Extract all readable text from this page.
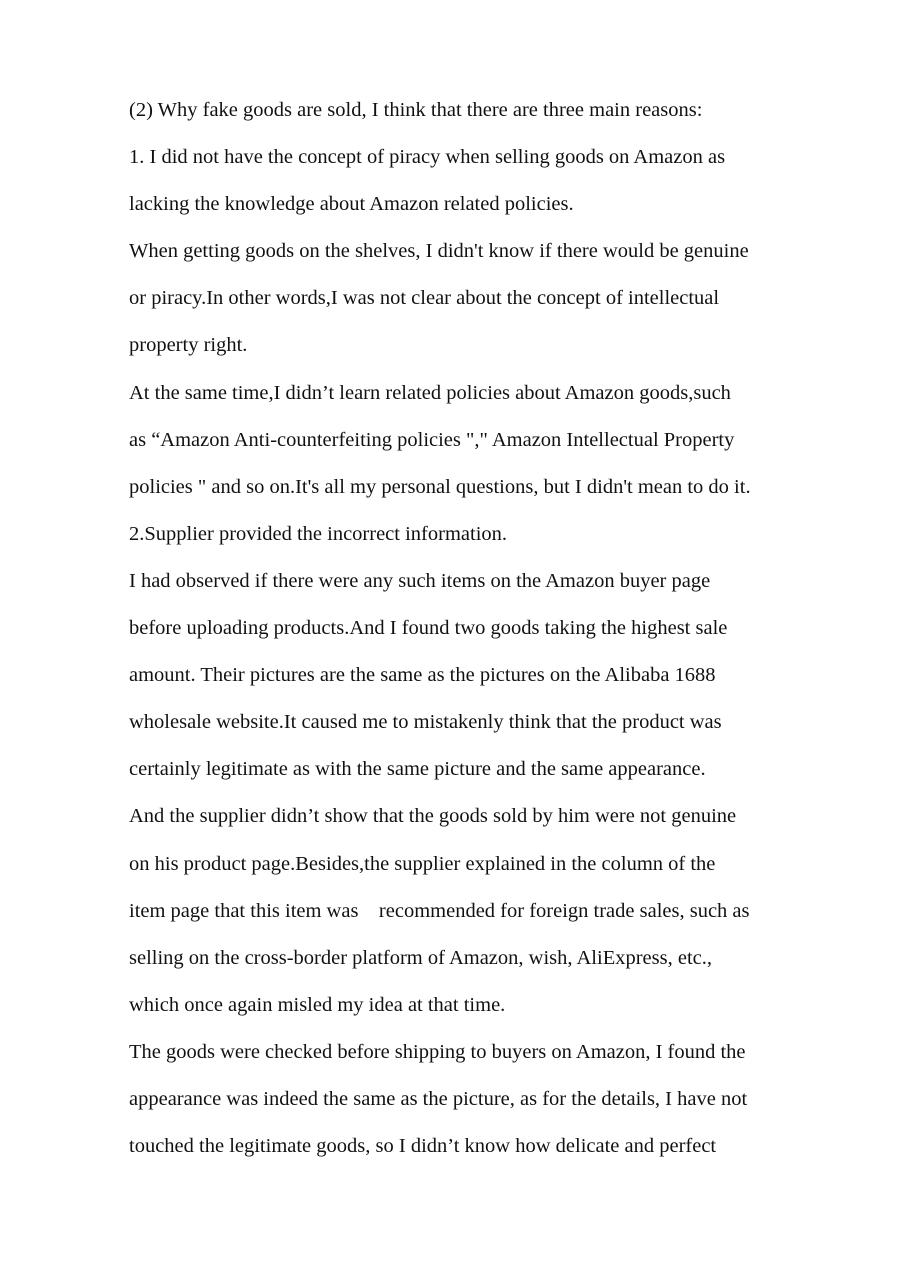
(2) Why fake goods are sold, I think that there are three main reasons:
1. I did not have the concept of piracy when selling goods on Amazon as
lacking the knowledge about Amazon related policies.
When getting goods on the shelves, I didn't know if there would be genuine
or piracy.In other words,I was not clear about the concept of intellectual
property right.
At the same time,I didn’t learn related policies about Amazon goods,such
as “Amazon Anti-counterfeiting policies "," Amazon Intellectual Property
policies " and so on.It's all my personal questions, but I didn't mean to do it.
2.Supplier provided the incorrect information.
I had observed if there were any such items on the Amazon buyer page
before uploading products.And I found two goods taking the highest sale
amount. Their pictures are the same as the pictures on the Alibaba 1688
wholesale website.It caused me to mistakenly think that the product was
certainly legitimate as with the same picture and the same appearance.
And the supplier didn’t show that the goods sold by him were not genuine
on his product page.Besides,the supplier explained in the column of the
item page that this item was    recommended for foreign trade sales, such as
selling on the cross-border platform of Amazon, wish, AliExpress, etc.,
which once again misled my idea at that time.
The goods were checked before shipping to buyers on Amazon, I found the
appearance was indeed the same as the picture, as for the details, I have not
touched the legitimate goods, so I didn’t know how delicate and perfect
